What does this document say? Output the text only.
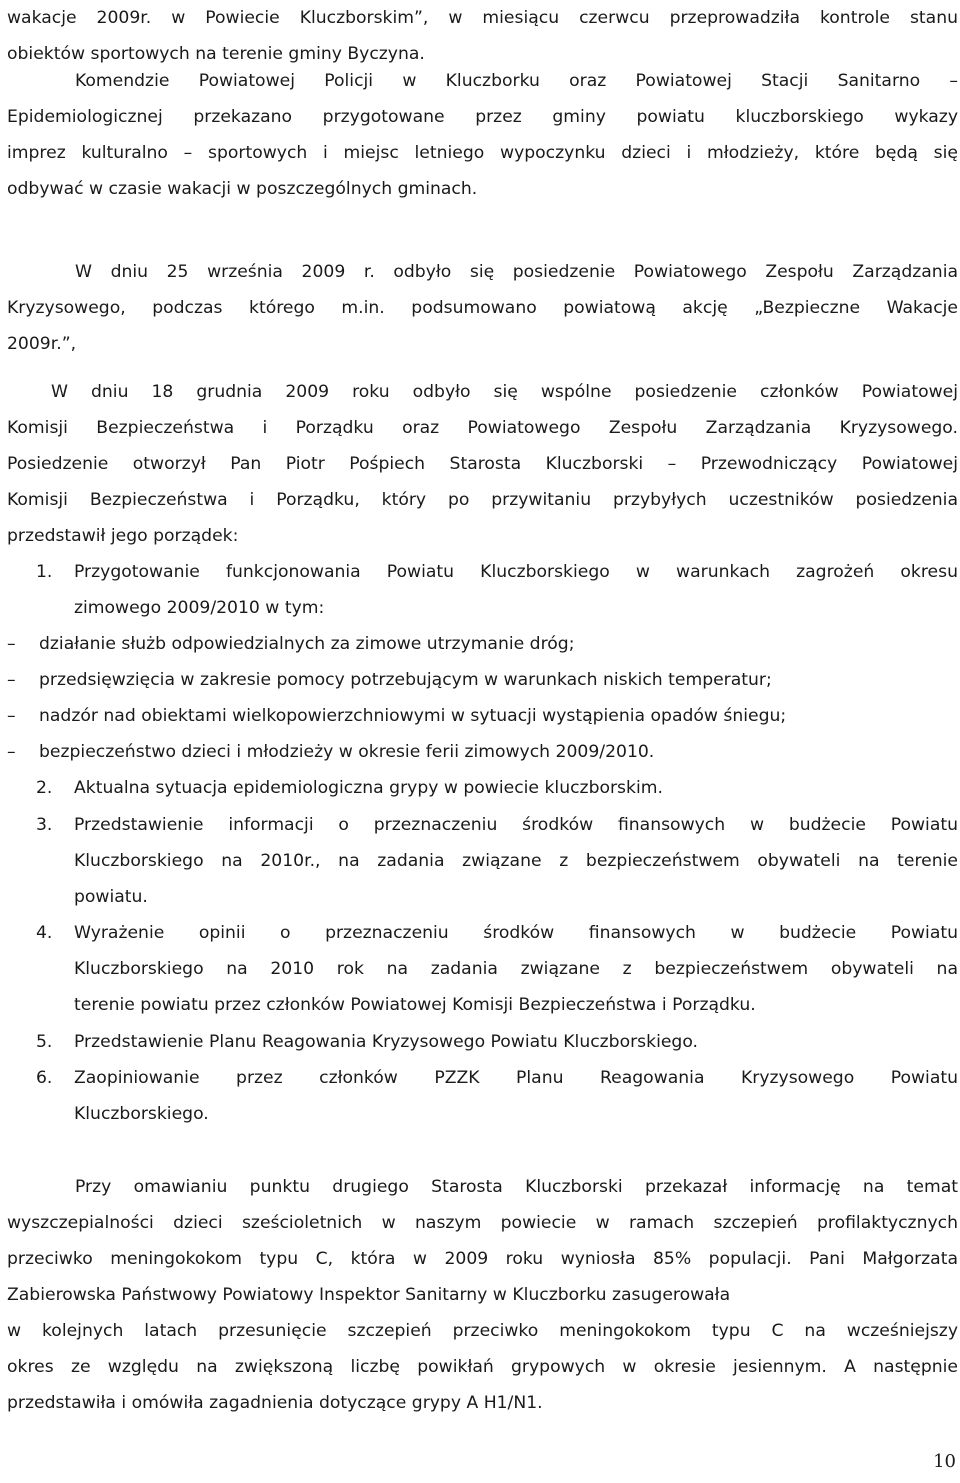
wakacje 2009r. w Powiecie Kluczborskim”, w miesiącu czerwcu przeprowadziła kontrole stanu
obiektów sportowych na terenie gminy Byczyna.

Komendzie Powiatowej Policji w Kluczborku oraz Powiatowej Stacji Sanitarno –
Epidemiologicznej przekazano przygotowane przez gminy powiatu kluczborskiego wykazy
imprez kulturalno – sportowych i miejsc letniego wypoczynku dzieci i młodzieży, które będą się
odbywać w czasie wakacji w poszczególnych gminach.

W dniu 25 września 2009 r. odbyło się posiedzenie Powiatowego Zespołu Zarządzania
Kryzysowego, podczas którego m.in. podsumowano powiatową akcję „Bezpieczne Wakacje
2009r.”,

W dniu 18 grudnia 2009 roku odbyło się wspólne posiedzenie członków Powiatowej
Komisji Bezpieczeństwa i Porządku oraz Powiatowego Zespołu Zarządzania Kryzysowego.
Posiedzenie otworzył Pan Piotr Pośpiech Starosta Kluczborski – Przewodniczący Powiatowej
Komisji Bezpieczeństwa i Porządku, który po przywitaniu przybyłych uczestników posiedzenia
przedstawił jego porządek:

1.	Przygotowanie funkcjonowania Powiatu Kluczborskiego w warunkach zagrożeń okresu
zimowego 2009/2010 w tym:
–	działanie służb odpowiedzialnych za zimowe utrzymanie dróg;
–	przedsięwzięcia w zakresie pomocy potrzebującym w warunkach niskich temperatur;
–	nadzór nad obiektami wielkopowierzchniowymi w sytuacji wystąpienia opadów śniegu;
–	bezpieczeństwo dzieci i młodzieży w okresie ferii zimowych 2009/2010.
2.	Aktualna sytuacja epidemiologiczna grypy w powiecie kluczborskim.
3.	Przedstawienie informacji o przeznaczeniu środków finansowych w budżecie Powiatu
Kluczborskiego na 2010r., na zadania związane z bezpieczeństwem obywateli na terenie
powiatu.
4.	Wyrażenie opinii o przeznaczeniu środków finansowych w budżecie Powiatu
Kluczborskiego na 2010 rok na zadania związane z bezpieczeństwem obywateli na
terenie powiatu przez członków Powiatowej Komisji Bezpieczeństwa i Porządku.
5.	Przedstawienie Planu Reagowania Kryzysowego Powiatu Kluczborskiego.
6.	Zaopiniowanie przez członków PZZK Planu Reagowania Kryzysowego Powiatu
Kluczborskiego.

Przy omawianiu punktu drugiego Starosta Kluczborski przekazał informację na temat
wyszczepialności dzieci sześcioletnich w naszym powiecie w ramach szczepień profilaktycznych
przeciwko meningokokom typu C, która w 2009 roku wyniosła 85% populacji. Pani Małgorzata
Zabierowska Państwowy Powiatowy Inspektor Sanitarny w Kluczborku zasugerowała
w kolejnych latach przesunięcie szczepień przeciwko meningokokom typu C na wcześniejszy
okres ze względu na zwiększoną liczbę powikłań grypowych w okresie jesiennym. A następnie
przedstawiła i omówiła zagadnienia dotyczące grypy A H1/N1.

10
